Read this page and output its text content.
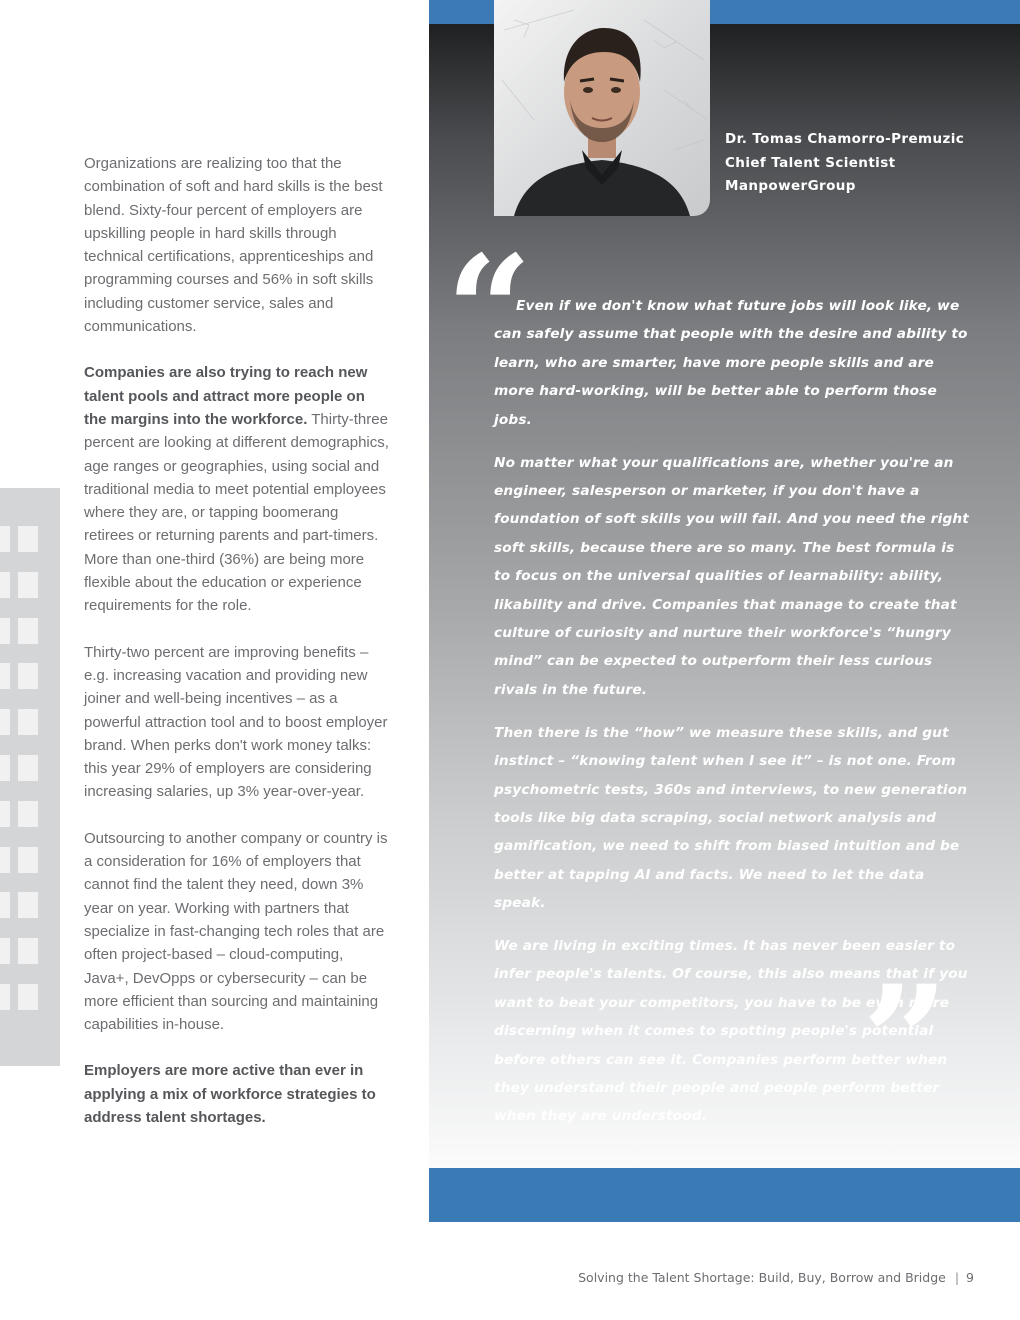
Organizations are realizing too that the combination of soft and hard skills is the best blend. Sixty-four percent of employers are upskilling people in hard skills through technical certifications, apprenticeships and programming courses and 56% in soft skills including customer service, sales and communications.

Companies are also trying to reach new talent pools and attract more people on the margins into the workforce. Thirty-three percent are looking at different demographics, age ranges or geographies, using social and traditional media to meet potential employees where they are, or tapping boomerang retirees or returning parents and part-timers. More than one-third (36%) are being more flexible about the education or experience requirements for the role.

Thirty-two percent are improving benefits – e.g. increasing vacation and providing new joiner and well-being incentives – as a powerful attraction tool and to boost employer brand. When perks don't work money talks: this year 29% of employers are considering increasing salaries, up 3% year-over-year.

Outsourcing to another company or country is a consideration for 16% of employers that cannot find the talent they need, down 3% year on year. Working with partners that specialize in fast-changing tech roles that are often project-based – cloud-computing, Java+, DevOpps or cybersecurity – can be more efficient than sourcing and maintaining capabilities in-house.

Employers are more active than ever in applying a mix of workforce strategies to address talent shortages.

Dr. Tomas Chamorro-Premuzic
Chief Talent Scientist
ManpowerGroup
“

Even if we don't know what future jobs will look like, we can safely assume that people with the desire and ability to learn, who are smarter, have more people skills and are more hard-working, will be better able to perform those jobs.

No matter what your qualifications are, whether you're an engineer, salesperson or marketer, if you don't have a foundation of soft skills you will fail. And you need the right soft skills, because there are so many. The best formula is to focus on the universal qualities of learnability: ability, likability and drive. Companies that manage to create that culture of curiosity and nurture their workforce's “hungry mind” can be expected to outperform their less curious rivals in the future.

Then there is the “how” we measure these skills, and gut instinct – “knowing talent when I see it” – is not one. From psychometric tests, 360s and interviews, to new generation tools like big data scraping, social network analysis and gamification, we need to shift from biased intuition and be better at tapping AI and facts. We need to let the data speak.

We are living in exciting times. It has never been easier to infer people's talents. Of course, this also means that if you want to beat your competitors, you have to be even more discerning when it comes to spotting people's potential before others can see it. Companies perform better when they understand their people and people perform better when they are understood.	”
Solving the Talent Shortage: Build, Buy, Borrow and Bridge | 9
